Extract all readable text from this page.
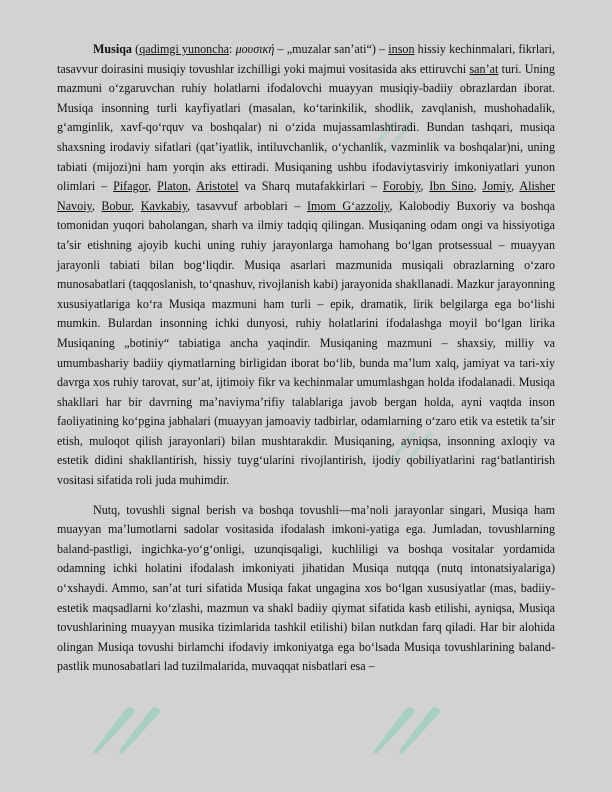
〃
〃
〃 〃

Musiqa (qadimgi yunoncha: μουσική – „muzalar san’ati“) – inson hissiy kechinmalari, fikrlari, tasavvur doirasini musiqiy tovushlar izchilligi yoki majmui vositasida aks ettiruvchi san’at turi. Uning mazmuni oʻzgaruvchan ruhiy holatlarni ifodalovchi muayyan musiqiy-badiiy obrazlardan iborat. Musiqa insonning turli kayfiyatlari (masalan, koʻtarinkilik, shodlik, zavqlanish, mushohadalik, gʻamginlik, xavf-qoʻrquv va boshqalar) ni oʻzida mujassamlashtiradi. Bundan tashqari, musiqa shaxsning irodaviy sifatlari (qat’iyatlik, intiluvchanlik, oʻychanlik, vazminlik va boshqalar)ni, uning tabiati (mijozi)ni ham yorqin aks ettiradi. Musiqaning ushbu ifodaviytasviriy imkoniyatlari yunon olimlari – Pifagor, Platon, Aristotel va Sharq mutafakkirlari – Forobiy, Ibn Sino, Jomiy, Alisher Navoiy, Bobur, Kavkabiy, tasavvuf arboblari – Imom Gʻazzoliy, Kalobodiy Buxoriy va boshqa tomonidan yuqori baholangan, sharh va ilmiy tadqiq qilingan. Musiqaning odam ongi va hissiyotiga ta’sir etishning ajoyib kuchi uning ruhiy jarayonlarga hamohang boʻlgan protsessual – muayyan jarayonli tabiati bilan bogʻliqdir. Musiqa asarlari mazmunida musiqali obrazlarning oʻzaro munosabatlari (taqqoslanish, toʻqnashuv, rivojlanish kabi) jarayonida shakllanadi. Mazkur jarayonning xususiyatlariga koʻra Musiqa mazmuni ham turli – epik, dramatik, lirik belgilarga ega boʻlishi mumkin. Bulardan insonning ichki dunyosi, ruhiy holatlarini ifodalashga moyil boʻlgan lirika Musiqaning „botiniy“ tabiatiga ancha yaqindir. Musiqaning mazmuni – shaxsiy, milliy va umumbashariy badiiy qiymatlarning birligidan iborat boʻlib, bunda ma’lum xalq, jamiyat va tari-xiy davrga xos ruhiy tarovat, sur’at, ijtimoiy fikr va kechinmalar umumlashgan holda ifodalanadi. Musiqa shakllari har bir davrning ma’naviyma’rifiy talablariga javob bergan holda, ayni vaqtda inson faoliyatining koʻpgina jabhalari (muayyan jamoaviy tadbirlar, odamlarning oʻzaro etik va estetik ta’sir etish, muloqot qilish jarayonlari) bilan mushtarakdir. Musiqaning, ayniqsa, insonning axloqiy va estetik didini shakllantirish, hissiy tuygʻularini rivojlantirish, ijodiy qobiliyatlarini ragʻbatlantirish vositasi sifatida roli juda muhimdir.

Nutq, tovushli signal berish va boshqa tovushli—ma’noli jarayonlar singari, Musiqa ham muayyan ma’lumotlarni sadolar vositasida ifodalash imkoni-yatiga ega. Jumladan, tovushlarning baland-pastligi, ingichka-yoʻgʻonligi, uzunqisqaligi, kuchliligi va boshqa vositalar yordamida odamning ichki holatini ifodalash imkoniyati jihatidan Musiqa nutqqa (nutq intonatsiyalariga) oʻxshaydi. Ammo, san’at turi sifatida Musiqa fakat ungagina xos boʻlgan xususiyatlar (mas, badiiy-estetik maqsadlarni koʻzlashi, mazmun va shakl badiiy qiymat sifatida kasb etilishi, ayniqsa, Musiqa tovushlarining muayyan musika tizimlarida tashkil etilishi) bilan nutkdan farq qiladi. Har bir alohida olingan Musiqa tovushi birlamchi ifodaviy imkoniyatga ega boʻlsada Musiqa tovushlarining baland-pastlik munosabatlari lad tuzilmalarida, muvaqqat nisbatlari esa –
